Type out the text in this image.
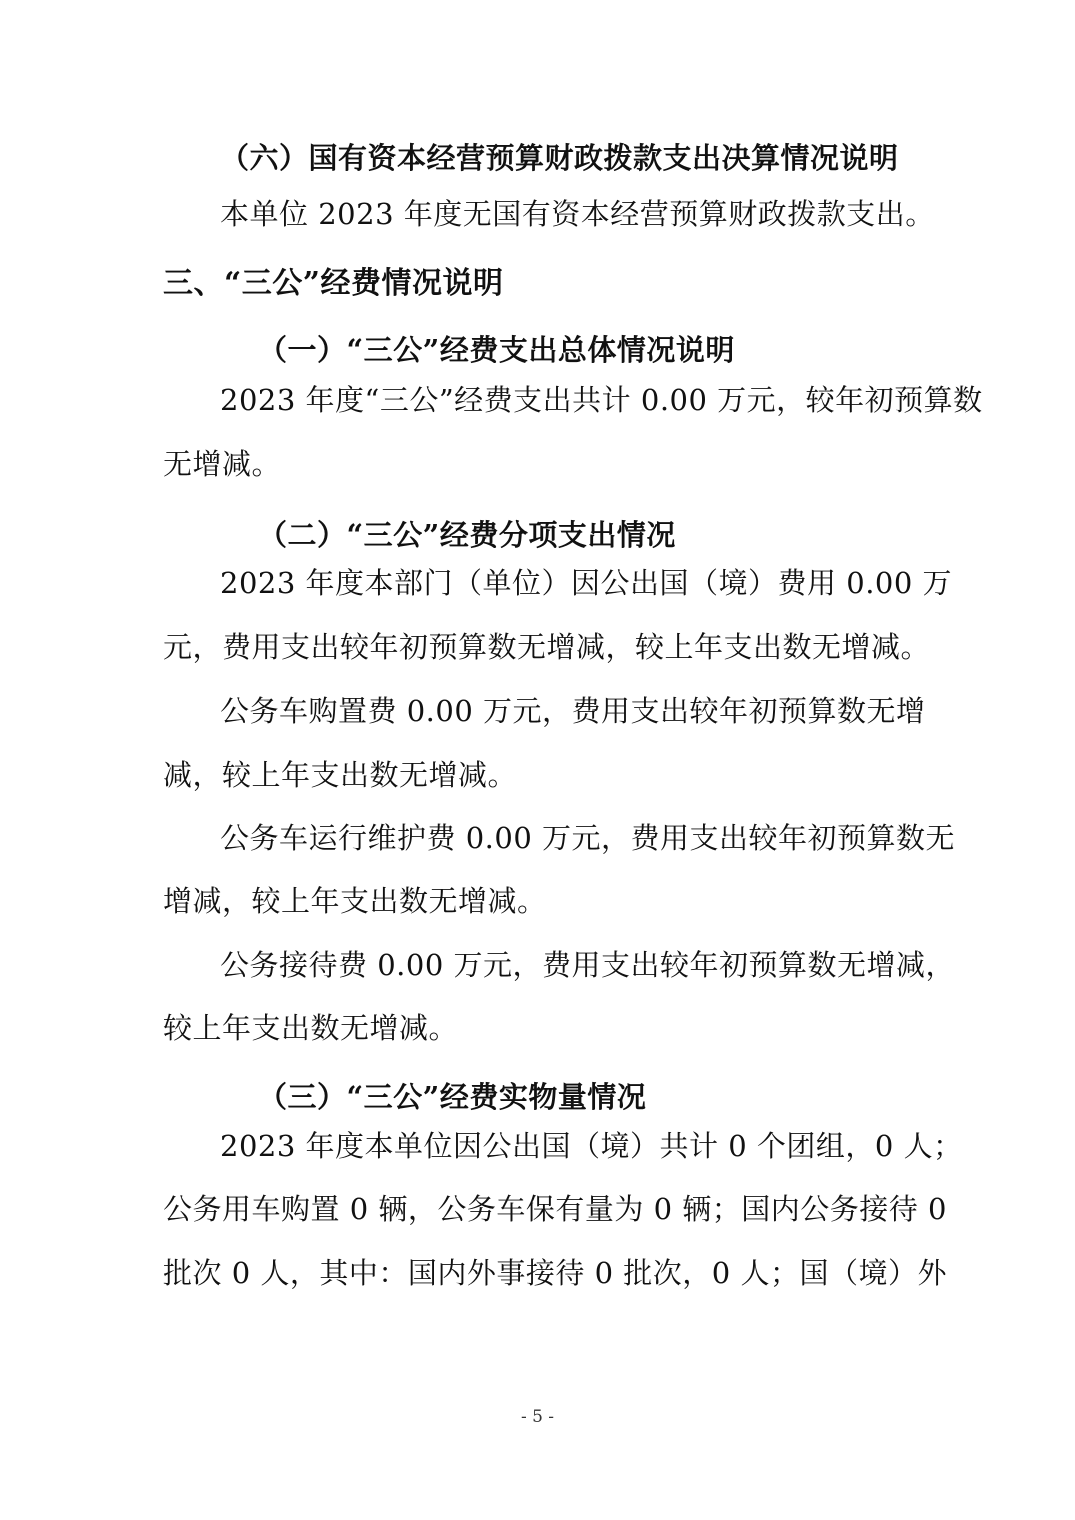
（六）国有资本经营预算财政拨款支出决算情况说明
本单位 2023 年度无国有资本经营预算财政拨款支出。
三、“三公”经费情况说明
（一）“三公”经费支出总体情况说明
2023 年度“三公”经费支出共计 0.00 万元，较年初预算数
无增减。
（二）“三公”经费分项支出情况
2023 年度本部门（单位）因公出国（境）费用 0.00 万
元，费用支出较年初预算数无增减，较上年支出数无增减。
公务车购置费 0.00 万元，费用支出较年初预算数无增
减，较上年支出数无增减。
公务车运行维护费 0.00 万元，费用支出较年初预算数无
增减，较上年支出数无增减。
公务接待费 0.00 万元，费用支出较年初预算数无增减，
较上年支出数无增减。
（三）“三公”经费实物量情况
2023 年度本单位因公出国（境）共计 0 个团组，0 人；
公务用车购置 0 辆，公务车保有量为 0 辆；国内公务接待 0
批次 0 人，其中：国内外事接待 0 批次，0 人；国（境）外
- 5 -
